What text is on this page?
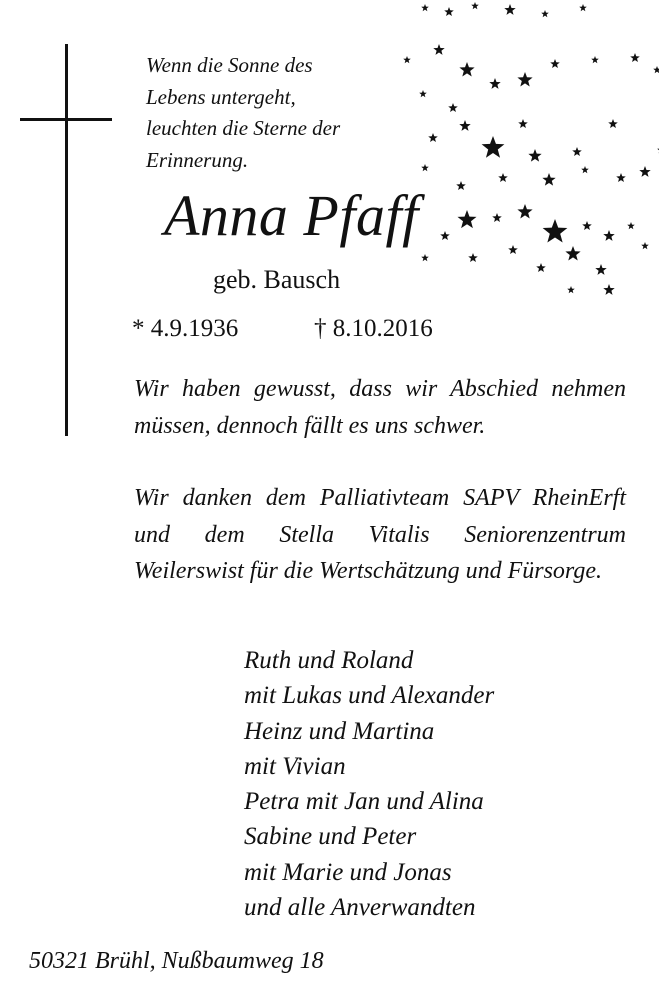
Wenn die Sonne des
Lebens untergeht,
leuchten die Sterne der
Erinnerung.
Anna Pfaff
geb. Bausch
* 4.9.1936	† 8.10.2016
Wir haben gewusst, dass wir Abschied nehmen müssen, dennoch fällt es uns schwer.
Wir danken dem Palliativteam SAPV RheinErft und dem Stella Vitalis Seniorenzentrum Weilerswist für die Wertschätzung und Fürsorge.
Ruth und Roland
mit Lukas und Alexander
Heinz und Martina
mit Vivian
Petra mit Jan und Alina
Sabine und Peter
mit Marie und Jonas
und alle Anverwandten
50321 Brühl, Nußbaumweg 18
